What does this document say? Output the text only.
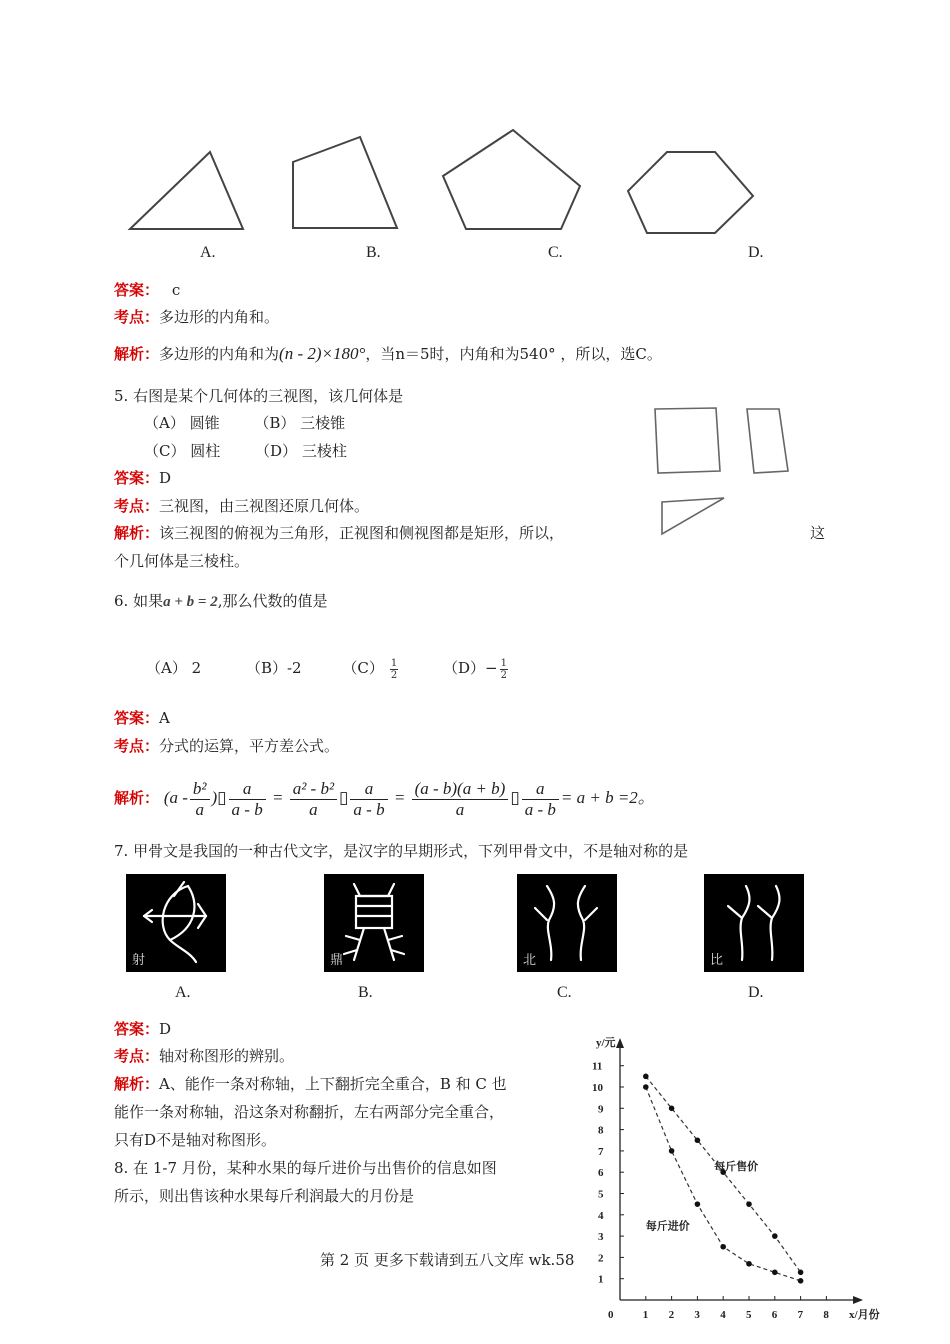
A.	B.	C.	D.
答案： c
考点：多边形的内角和。
解析：多边形的内角和为(n - 2)×180°，当n＝5时，内角和为540° ，所以，选C。
5. 右图是某个几何体的三视图，该几何体是
（A） 圆锥 （B） 三棱锥
（C） 圆柱 （D） 三棱柱
答案：D
考点：三视图，由三视图还原几何体。
解析：该三视图的俯视为三角形，正视图和侧视图都是矩形，所以，	这
个几何体是三棱柱。
6. 如果a + b = 2,那么代数的值是
（A） 2	（B）-2	$(C) \frac{1}{2}$	$(D)- \frac{1}{2}$
答案：A
考点：分式的运算，平方差公式。
解析： ($a - \frac{\text{b²}}{a}$ )▯ $\frac{a}{a - b} = \frac{\text{a² - b²}}{a}$ ▯ $\frac{a}{a - b} = \frac{(a - b)(a + b)}{a}$ ▯ $\frac{a}{a - b} = a + b =2$。
7. 甲骨文是我国的一种古代文字，是汉字的早期形式，下列甲骨文中，不是轴对称的是
射	鼎	北	比
A.	B.	C.	D.
答案：D
考点：轴对称图形的辨别。
解析：A、能作一条对称轴，上下翻折完全重合，B 和 C 也
能作一条对称轴，沿这条对称翻折，左右两部分完全重合，
只有D不是轴对称图形。
8. 在 1-7 月份，某种水果的每斤进价与出售价的信息如图
所示，则出售该种水果每斤利润最大的月份是
0	1 2 3 4 5 6 7 8
1
2
3
4
5
6
7
8
9
10
11
x/月份
y/元
每斤售价
每斤进价
第 2 页 更多下载请到五八文库 wk.58
